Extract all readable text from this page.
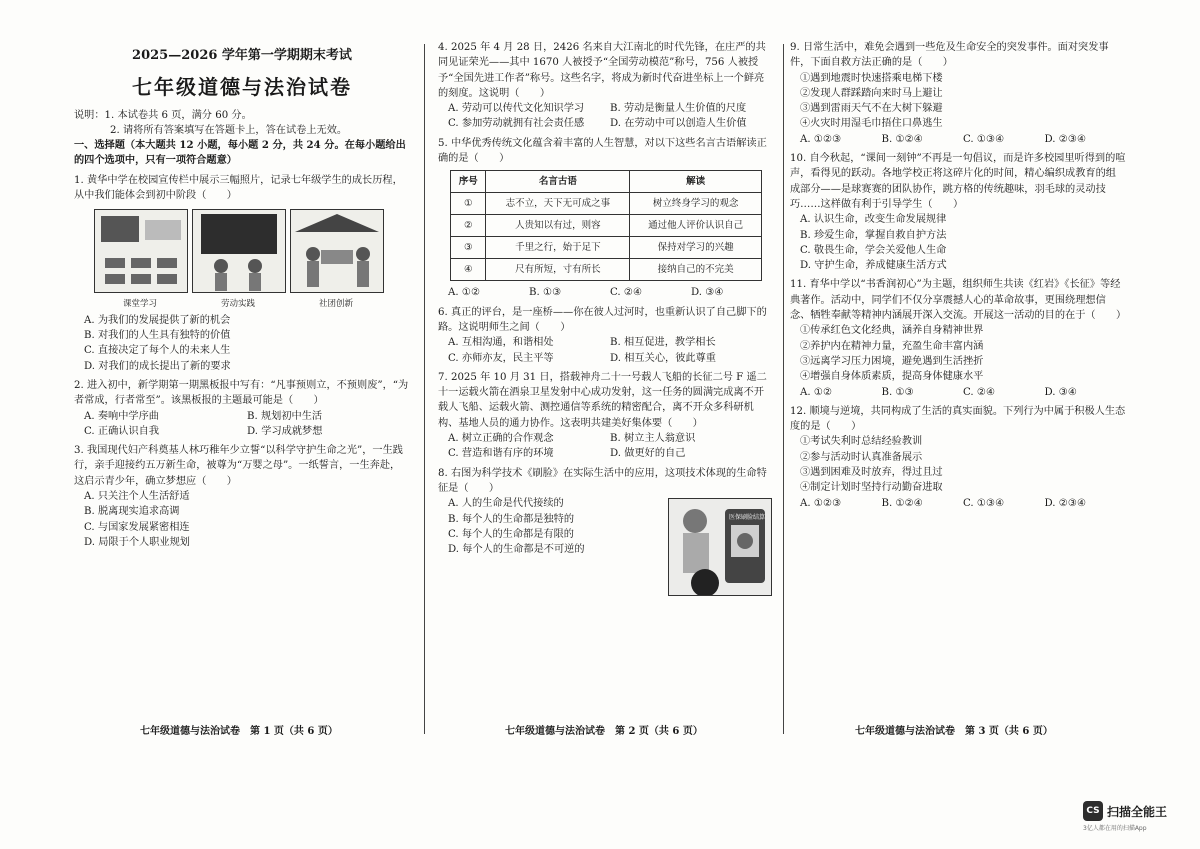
2025—2026 学年第一学期期末考试
七年级道德与法治试卷

说明：1. 本试卷共 6 页，满分 60 分。

2. 请将所有答案填写在答题卡上，答在试卷上无效。

一、选择题（本大题共 12 小题，每小题 2 分，共 24 分。在每小题给出的四个选项中，只有一项符合题意）

1. 黄华中学在校园宣传栏中展示三幅照片，记录七年级学生的成长历程，从中我们能体会到初中阶段（　　）

课堂学习	劳动实践	社团创新

A. 为我们的发展提供了新的机会

B. 对我们的人生具有独特的价值

C. 直接决定了每个人的未来人生

D. 对我们的成长提出了新的要求

2. 进入初中，新学期第一期黑板报中写有：“凡事预则立，不预则废”，“为者常成，行者常至”。该黑板报的主题最可能是（　　）

A. 奏响中学序曲	B. 规划初中生活
C. 正确认识自我	D. 学习成就梦想

3. 我国现代妇产科奠基人林巧稚年少立誓“以科学守护生命之光”，一生践行，亲手迎接约五万新生命，被尊为“万婴之母”。一纸誓言，一生奔赴，这启示青少年，确立梦想应（　　）

A. 只关注个人生活舒适

B. 脱离现实追求高调

C. 与国家发展紧密相连

D. 局限于个人职业规划

4. 2025 年 4 月 28 日，2426 名来自大江南北的时代先锋，在庄严的共同见证荣光——其中 1670 人被授予“全国劳动模范”称号，756 人被授予“全国先进工作者”称号。这些名字，将成为新时代奋进坐标上一个鲜亮的刻度。这说明（　　）

A. 劳动可以传代文化知识学习	B. 劳动是衡量人生价值的尺度
C. 参加劳动就拥有社会责任感	D. 在劳动中可以创造人生价值

5. 中华优秀传统文化蕴含着丰富的人生智慧，对以下这些名言古语解读正确的是（　　）

序号	名言古语	解读
①	志不立，天下无可成之事	树立终身学习的观念
②	人贵知以有过，则容	通过他人评价认识自己
③	千里之行，始于足下	保持对学习的兴趣
④	尺有所短，寸有所长	接纳自己的不完美
A. ①②	B. ①③	C. ②④	D. ③④

6. 真正的评台，是一座桥——你在彼人过河时，也重新认识了自己脚下的路。这说明师生之间（　　）

A. 互相沟通，和谐相处	B. 相互促进，教学相长
C. 亦师亦友，民主平等	D. 相互关心，彼此尊重

7. 2025 年 10 月 31 日，搭载神舟二十一号载人飞船的长征二号 F 遥二十一运载火箭在酒泉卫星发射中心成功发射，这一任务的圆满完成离不开载人飞船、运载火箭、测控通信等系统的精密配合，离不开众多科研机构、基地人员的通力协作。这表明共建美好集体要（　　）

A. 树立正确的合作观念	B. 树立主人翁意识
C. 营造和谐有序的环境	D. 做更好的自己

8. 右图为科学技术《刷脸》在实际生活中的应用，这项技术体现的生命特征是（　　）

医保刷脸结算

A. 人的生命是代代接续的

B. 每个人的生命都是独特的

C. 每个人的生命都是有限的

D. 每个人的生命都是不可逆的

9. 日常生活中，难免会遇到一些危及生命安全的突发事件。面对突发事件，下面自救方法正确的是（　　）

①遇到地震时快速搭乘电梯下楼

②发现人群踩踏向来时马上避让

③遇到雷雨天气不在大树下躲避

④火灾时用湿毛巾捂住口鼻逃生

A. ①②③	B. ①②④	C. ①③④	D. ②③④

10. 自今秋起，“课间一刻钟”不再是一句倡议，而是许多校园里听得到的喧声，看得见的跃动。各地学校正将这碎片化的时间，精心编织成教育的组成部分——是球赛赛的团队协作，跳方格的传统趣味，羽毛球的灵动技巧……这样做有利于引导学生（　　）

A. 认识生命，改变生命发展规律

B. 珍爱生命，掌握自救自护方法

C. 敬畏生命，学会关爱他人生命

D. 守护生命，养成健康生活方式

11. 育华中学以“书香润初心”为主题，组织师生共读《红岩》《长征》等经典著作。活动中，同学们不仅分享震撼人心的革命故事，更围绕理想信念、牺牲奉献等精神内涵展开深入交流。开展这一活动的目的在于（　　）

①传承红色文化经典，涵养自身精神世界

②养护内在精神力量，充盈生命丰富内涵

③远离学习压力困境，避免遇到生活挫折

④增强自身体质素质，提高身体健康水平

A. ①②	B. ①③	C. ②④	D. ③④

12. 顺境与逆境，共同构成了生活的真实面貌。下列行为中属于积极人生态度的是（　　）

①考试失利时总结经验教训

②参与活动时认真准备展示

③遇到困难及时放弃，得过且过

④制定计划时坚持行动勤奋进取

A. ①②③	B. ①②④	C. ①③④	D. ②③④
七年级道德与法治试卷　第 1 页（共 6 页）	七年级道德与法治试卷　第 2 页（共 6 页）	七年级道德与法治试卷　第 3 页（共 6 页）
CS 扫描全能王
3亿人都在用的扫描App
